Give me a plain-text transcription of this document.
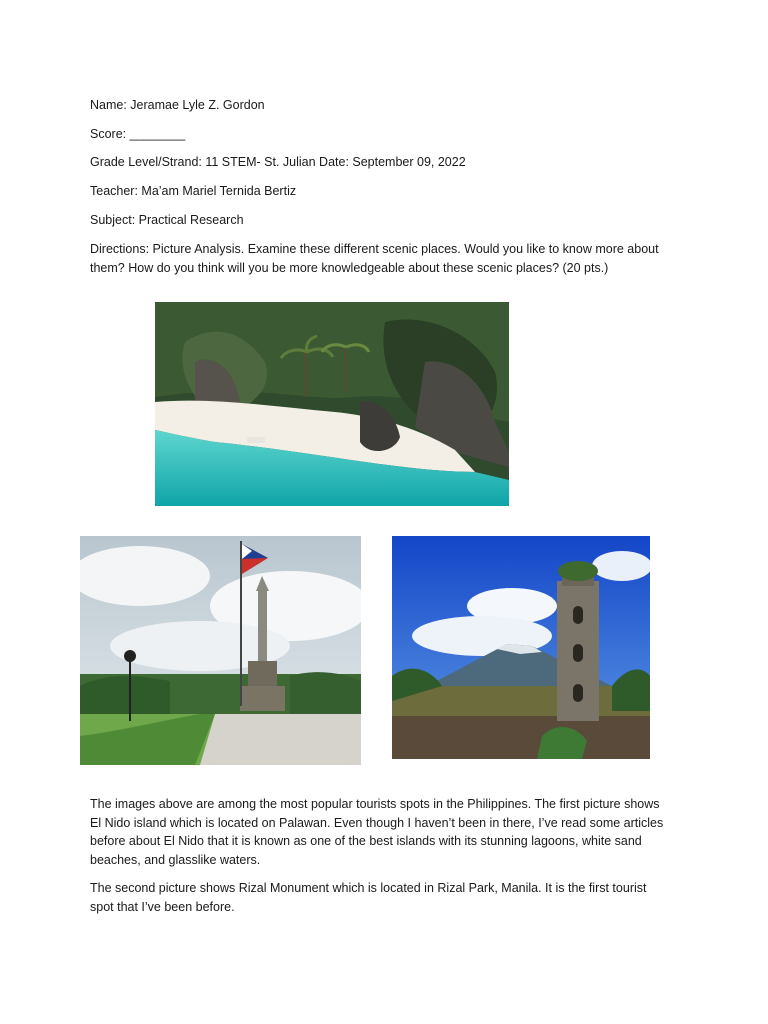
Name: Jeramae Lyle Z. Gordon

Score: ________

Grade Level/Strand: 11 STEM- St. Julian Date: September 09, 2022

Teacher: Ma’am Mariel Ternida Bertiz

Subject: Practical Research

Directions: Picture Analysis. Examine these different scenic places. Would you like to know more about them? How do you think will you be more knowledgeable about these scenic places? (20 pts.)

The images above are among the most popular tourists spots in the Philippines. The first picture shows El Nido island which is located on Palawan. Even though I haven’t been in there, I’ve read some articles before about El Nido that it is known as one of the best islands with its stunning lagoons, white sand beaches, and glasslike waters.

The second picture shows Rizal Monument which is located in Rizal Park, Manila. It is the first tourist spot that I’ve been before.
